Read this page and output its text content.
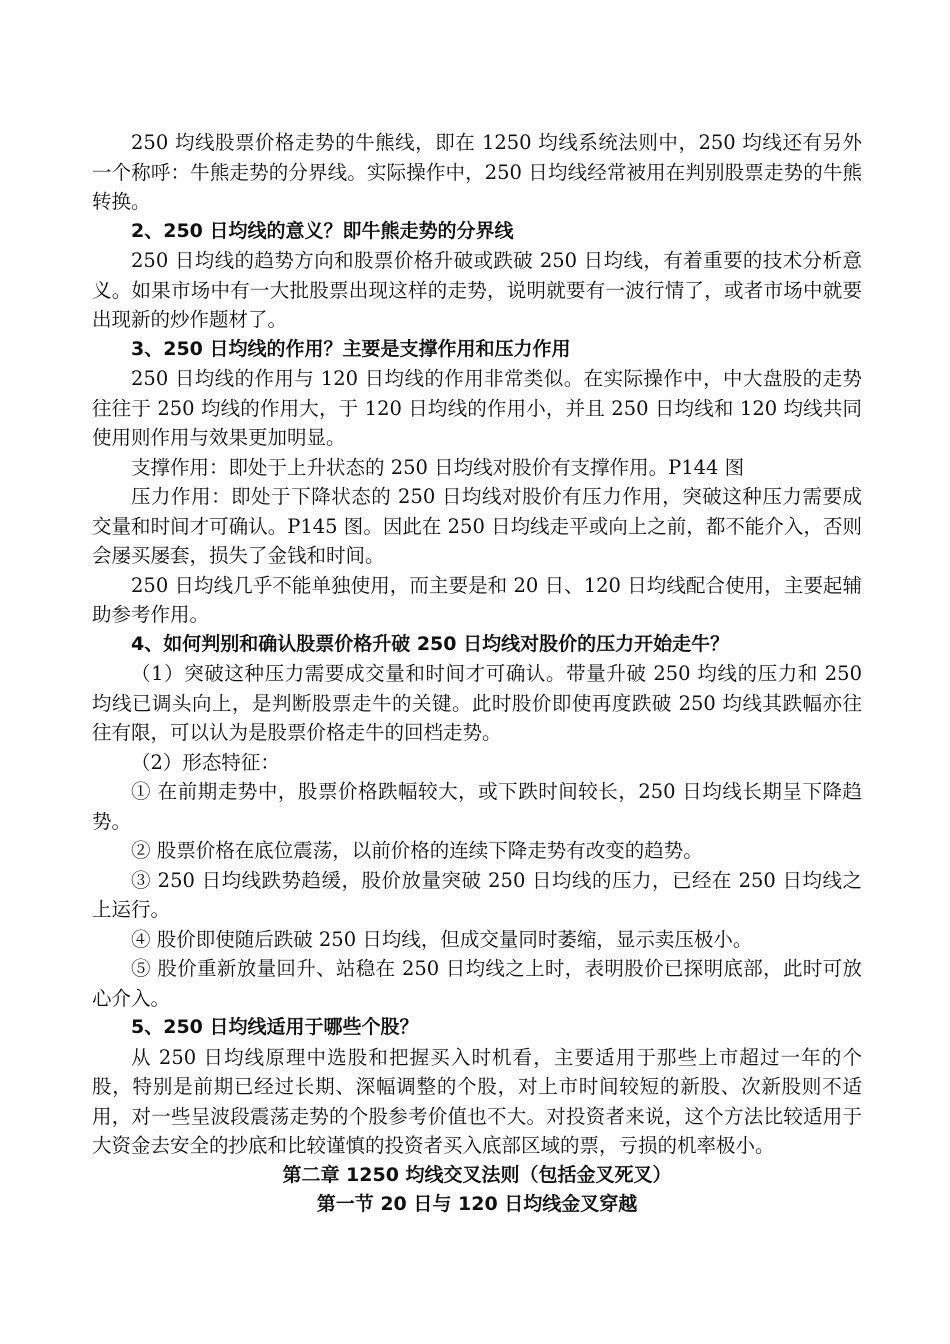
250 均线股票价格走势的牛熊线，即在 1250 均线系统法则中，250 均线还有另外一个称呼：牛熊走势的分界线。实际操作中，250 日均线经常被用在判别股票走势的牛熊转换。

2、250 日均线的意义？即牛熊走势的分界线

250 日均线的趋势方向和股票价格升破或跌破 250 日均线，有着重要的技术分析意义。如果市场中有一大批股票出现这样的走势，说明就要有一波行情了，或者市场中就要出现新的炒作题材了。

3、250 日均线的作用？主要是支撑作用和压力作用

250 日均线的作用与 120 日均线的作用非常类似。在实际操作中，中大盘股的走势往往于 250 均线的作用大，于 120 日均线的作用小，并且 250 日均线和 120 均线共同使用则作用与效果更加明显。

支撑作用：即处于上升状态的 250 日均线对股价有支撑作用。P144 图

压力作用：即处于下降状态的 250 日均线对股价有压力作用，突破这种压力需要成交量和时间才可确认。P145 图。因此在 250 日均线走平或向上之前，都不能介入，否则会屡买屡套，损失了金钱和时间。

250 日均线几乎不能单独使用，而主要是和 20 日、120 日均线配合使用，主要起辅助参考作用。

4、如何判别和确认股票价格升破 250 日均线对股价的压力开始走牛？

（1）突破这种压力需要成交量和时间才可确认。带量升破 250 均线的压力和 250 均线已调头向上，是判断股票走牛的关键。此时股价即使再度跌破 250 均线其跌幅亦往往有限，可以认为是股票价格走牛的回档走势。

（2）形态特征：

① 在前期走势中，股票价格跌幅较大，或下跌时间较长，250 日均线长期呈下降趋势。

② 股票价格在底位震荡，以前价格的连续下降走势有改变的趋势。

③ 250 日均线跌势趋缓，股价放量突破 250 日均线的压力，已经在 250 日均线之上运行。

④ 股价即使随后跌破 250 日均线，但成交量同时萎缩，显示卖压极小。

⑤ 股价重新放量回升、站稳在 250 日均线之上时，表明股价已探明底部，此时可放心介入。

5、250 日均线适用于哪些个股？

从 250 日均线原理中选股和把握买入时机看，主要适用于那些上市超过一年的个股，特别是前期已经过长期、深幅调整的个股，对上市时间较短的新股、次新股则不适用，对一些呈波段震荡走势的个股参考价值也不大。对投资者来说，这个方法比较适用于大资金去安全的抄底和比较谨慎的投资者买入底部区域的票，亏损的机率极小。

第二章 1250 均线交叉法则（包括金叉死叉）

第一节 20 日与 120 日均线金叉穿越
